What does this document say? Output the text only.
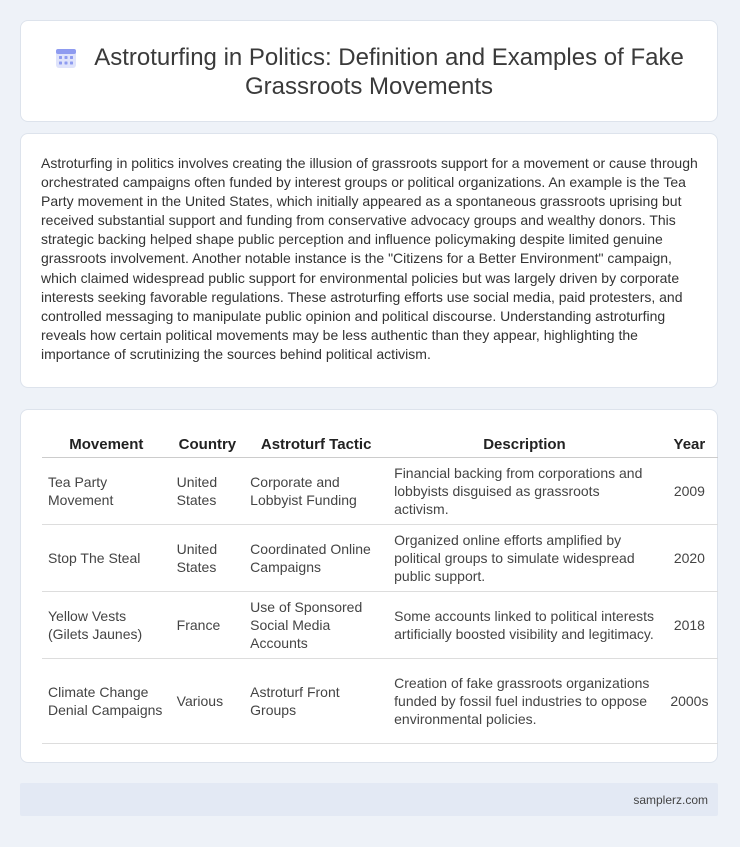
Astroturfing in Politics: Definition and Examples of Fake
Grassroots Movements

Astroturfing in politics involves creating the illusion of grassroots support for a movement or cause through orchestrated campaigns often funded by interest groups or political organizations. An example is the Tea Party movement in the United States, which initially appeared as a spontaneous grassroots uprising but received substantial support and funding from conservative advocacy groups and wealthy donors. This strategic backing helped shape public perception and influence policymaking despite limited genuine grassroots involvement. Another notable instance is the "Citizens for a Better Environment" campaign, which claimed widespread public support for environmental policies but was largely driven by corporate interests seeking favorable regulations. These astroturfing efforts use social media, paid protesters, and controlled messaging to manipulate public opinion and political discourse. Understanding astroturfing reveals how certain political movements may be less authentic than they appear, highlighting the importance of scrutinizing the sources behind political activism.

Movement	Country	Astroturf Tactic	Description	Year
Tea Party Movement	United States	Corporate and Lobbyist Funding	Financial backing from corporations and lobbyists disguised as grassroots activism.	2009
Stop The Steal	United States	Coordinated Online Campaigns	Organized online efforts amplified by political groups to simulate widespread public support.	2020
Yellow Vests (Gilets Jaunes)	France	Use of Sponsored Social Media Accounts	Some accounts linked to political interests artificially boosted visibility and legitimacy.	2018
Climate Change Denial Campaigns	Various	Astroturf Front Groups	Creation of fake grassroots organizations funded by fossil fuel industries to oppose environmental policies.	2000s
samplerz.com
